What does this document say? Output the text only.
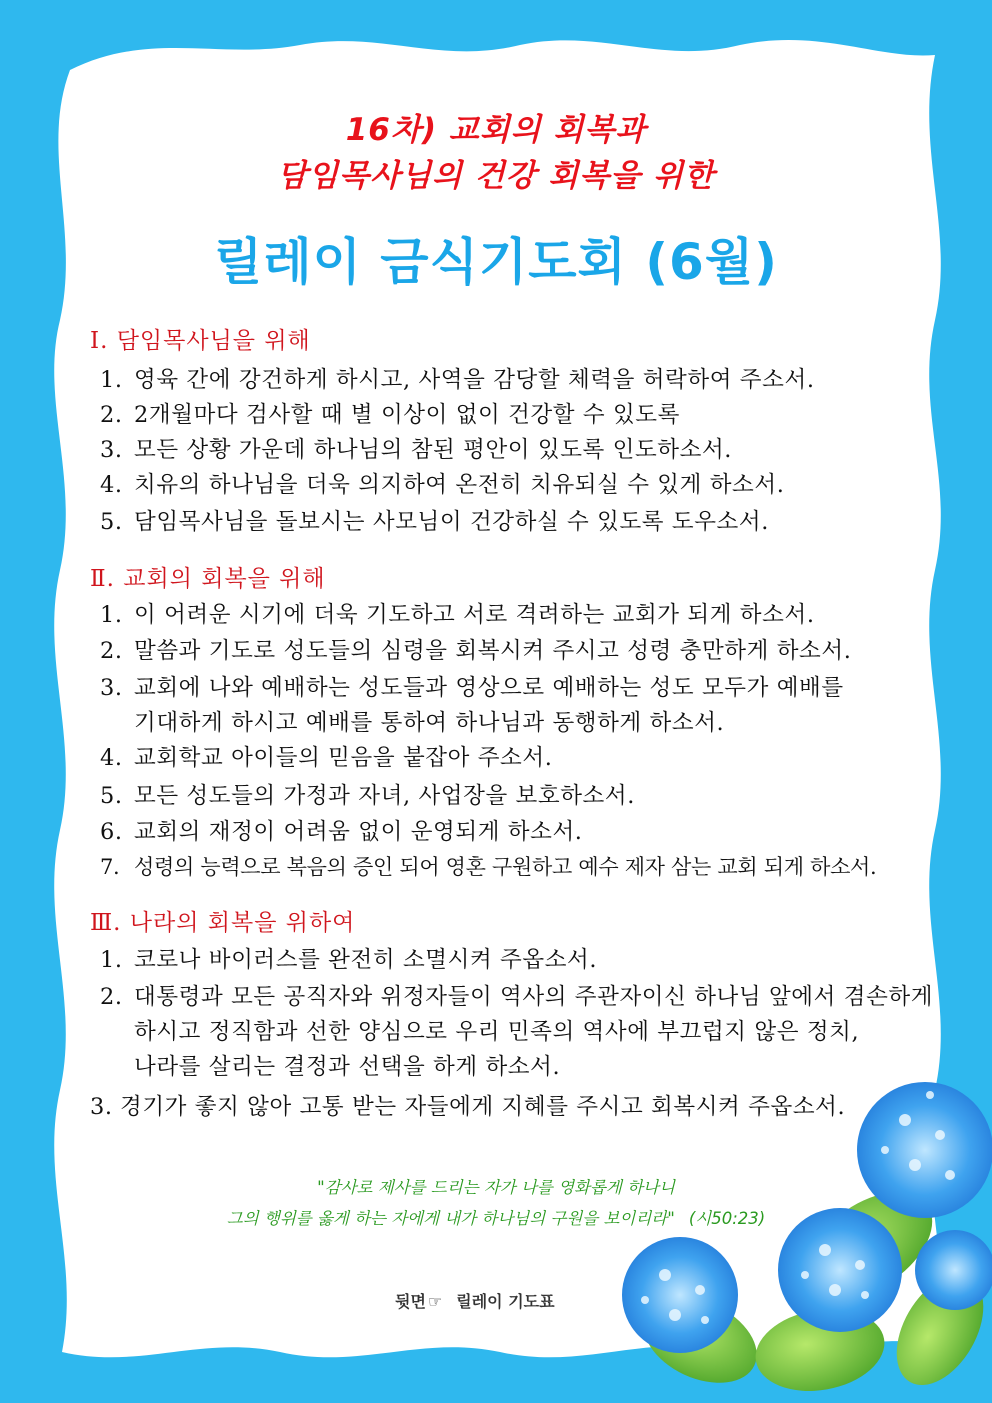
16차) 교회의 회복과
담임목사님의 건강 회복을 위한
릴레이 금식기도회 (6월)
Ⅰ. 담임목사님을 위해
1. 영육 간에 강건하게 하시고, 사역을 감당할 체력을 허락하여 주소서.
2. 2개월마다 검사할 때 별 이상이 없이 건강할 수 있도록
3. 모든 상황 가운데 하나님의 참된 평안이 있도록 인도하소서.
4. 치유의 하나님을 더욱 의지하여 온전히 치유되실 수 있게 하소서.
5. 담임목사님을 돌보시는 사모님이 건강하실 수 있도록 도우소서.
Ⅱ. 교회의 회복을 위해
1. 이 어려운 시기에 더욱 기도하고 서로 격려하는 교회가 되게 하소서.
2. 말씀과 기도로 성도들의 심령을 회복시켜 주시고 성령 충만하게 하소서.
3. 교회에 나와 예배하는 성도들과 영상으로 예배하는 성도 모두가 예배를
기대하게 하시고 예배를 통하여 하나님과 동행하게 하소서.
4. 교회학교 아이들의 믿음을 붙잡아 주소서.
5. 모든 성도들의 가정과 자녀, 사업장을 보호하소서.
6. 교회의 재정이 어려움 없이 운영되게 하소서.
7. 성령의 능력으로 복음의 증인 되어 영혼 구원하고 예수 제자 삼는 교회 되게 하소서.
Ⅲ. 나라의 회복을 위하여
1. 코로나 바이러스를 완전히 소멸시켜 주옵소서.
2. 대통령과 모든 공직자와 위정자들이 역사의 주관자이신 하나님 앞에서 겸손하게
하시고 정직함과 선한 양심으로 우리 민족의 역사에 부끄럽지 않은 정치,
나라를 살리는 결정과 선택을 하게 하소서.
3. 경기가 좋지 않아 고통 받는 자들에게 지혜를 주시고 회복시켜 주옵소서.
"감사로 제사를 드리는 자가 나를 영화롭게 하나니
그의 행위를 옳게 하는 자에게 내가 하나님의 구원을 보이리라" (시50:23)
뒷면 ☞ 릴레이 기도표
